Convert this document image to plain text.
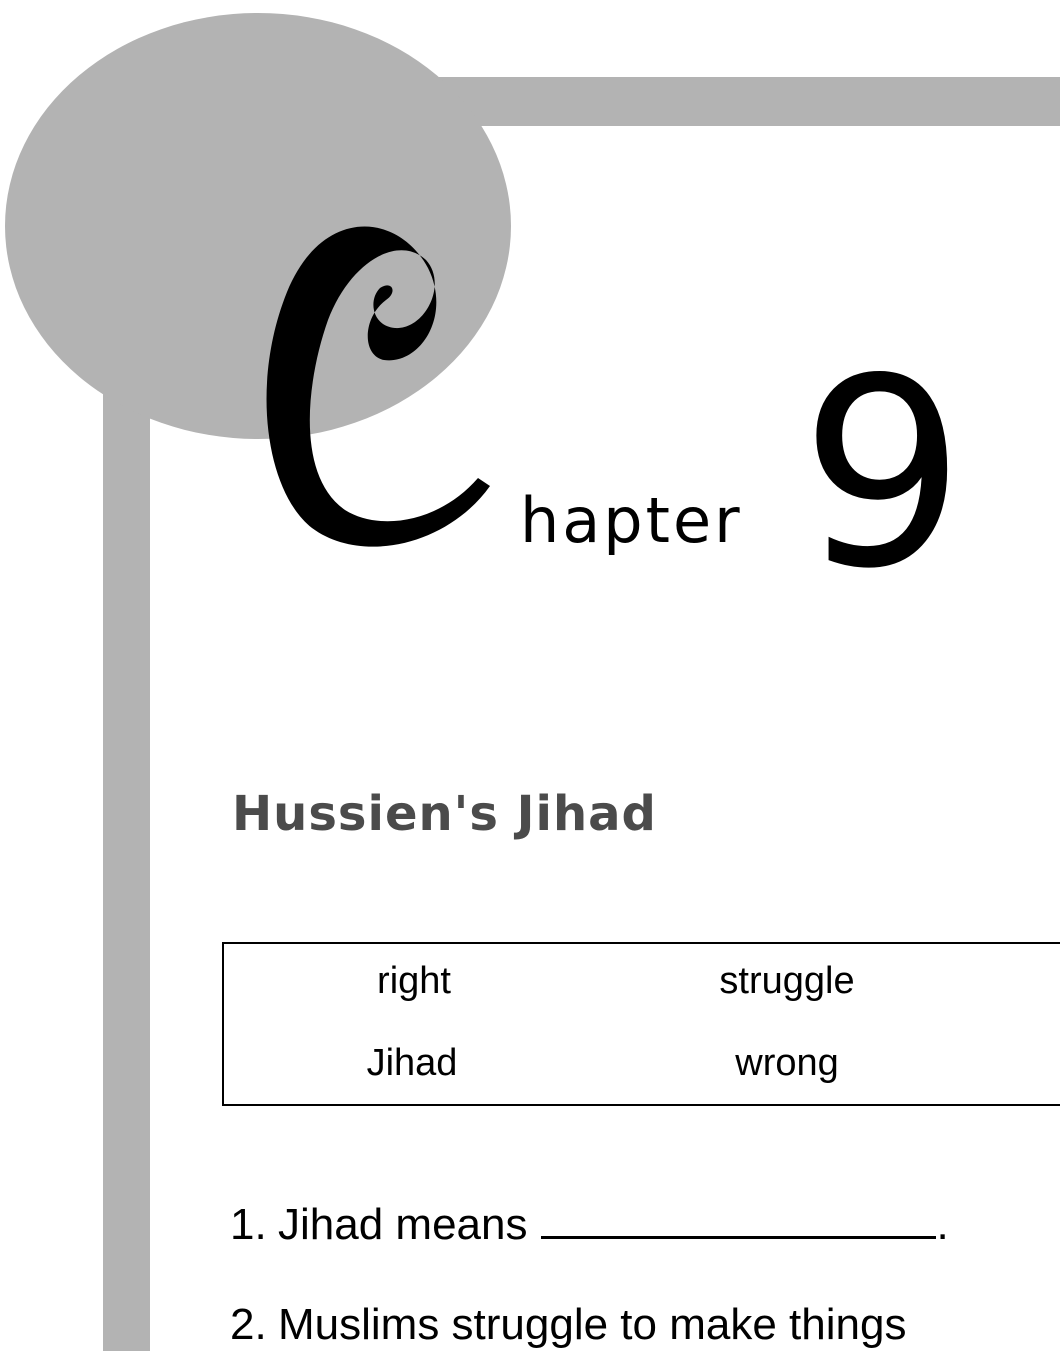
hapter 9
Hussien's Jihad
right	struggle
Jihad	wrong
1. Jihad means	.
2. Muslims struggle to make things
